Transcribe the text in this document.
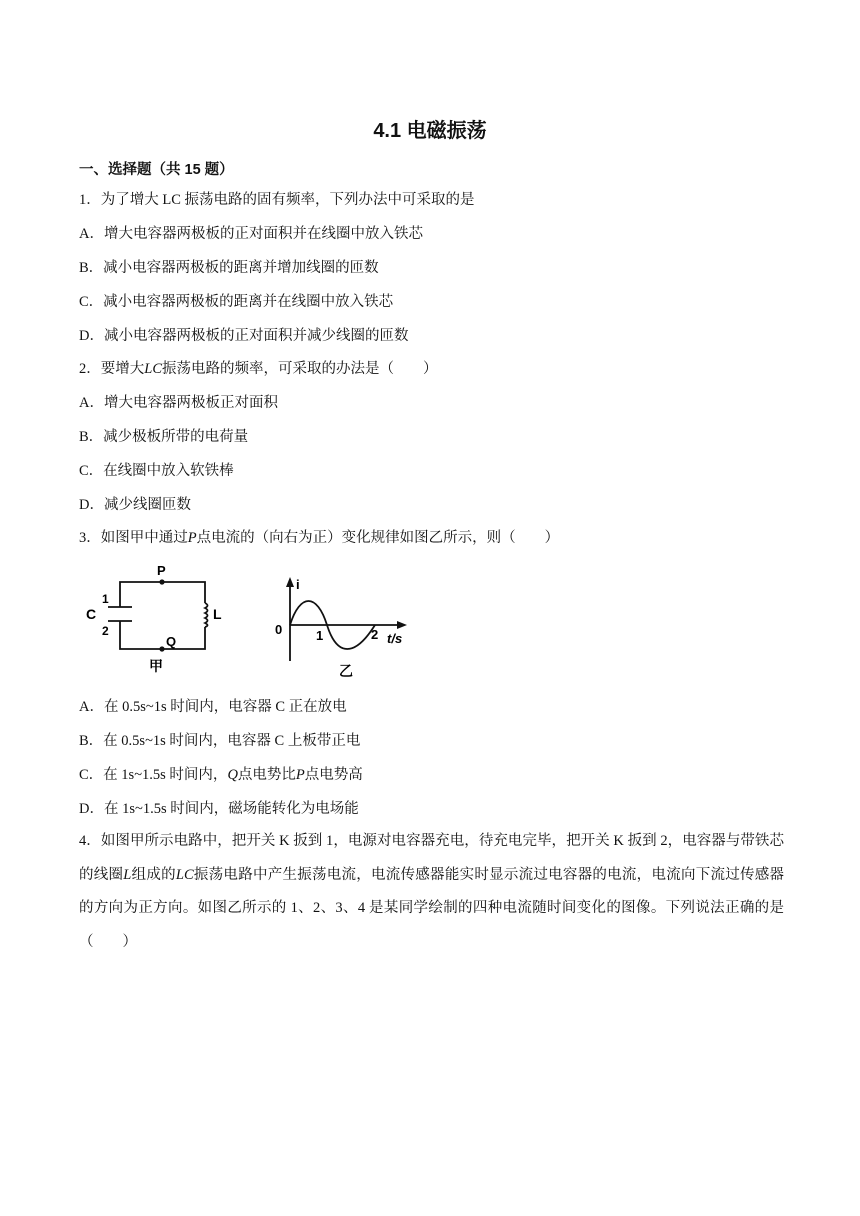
4.1 电磁振荡
一、选择题（共 15 题）
1．为了增大 LC 振荡电路的固有频率，下列办法中可采取的是
A．增大电容器两极板的正对面积并在线圈中放入铁芯
B．减小电容器两极板的距离并增加线圈的匝数
C．减小电容器两极板的距离并在线圈中放入铁芯
D．减小电容器两极板的正对面积并减少线圈的匝数
2．要增大LC振荡电路的频率，可采取的办法是（　　）
A．增大电容器两极板正对面积
B．减少极板所带的电荷量
C．在线圈中放入软铁棒
D．减少线圈匝数
3．如图甲中通过P点电流的（向右为正）变化规律如图乙所示，则（　　）
P
Q
C
1
2
L
甲
i
0	1	2 t/s
乙
A．在 0.5s~1s 时间内，电容器 C 正在放电
B．在 0.5s~1s 时间内，电容器 C 上板带正电
C．在 1s~1.5s 时间内，Q点电势比P点电势高
D．在 1s~1.5s 时间内，磁场能转化为电场能
4．如图甲所示电路中，把开关 K 扳到 1，电源对电容器充电，待充电完毕，把开关 K 扳到 2，电容器与带铁芯的线圈L组成的LC振荡电路中产生振荡电流，电流传感器能实时显示流过电容器的电流，电流向下流过传感器的方向为正方向。如图乙所示的 1、2、3、4 是某同学绘制的四种电流随时间变化的图像。下列说法正确的是（　　）
